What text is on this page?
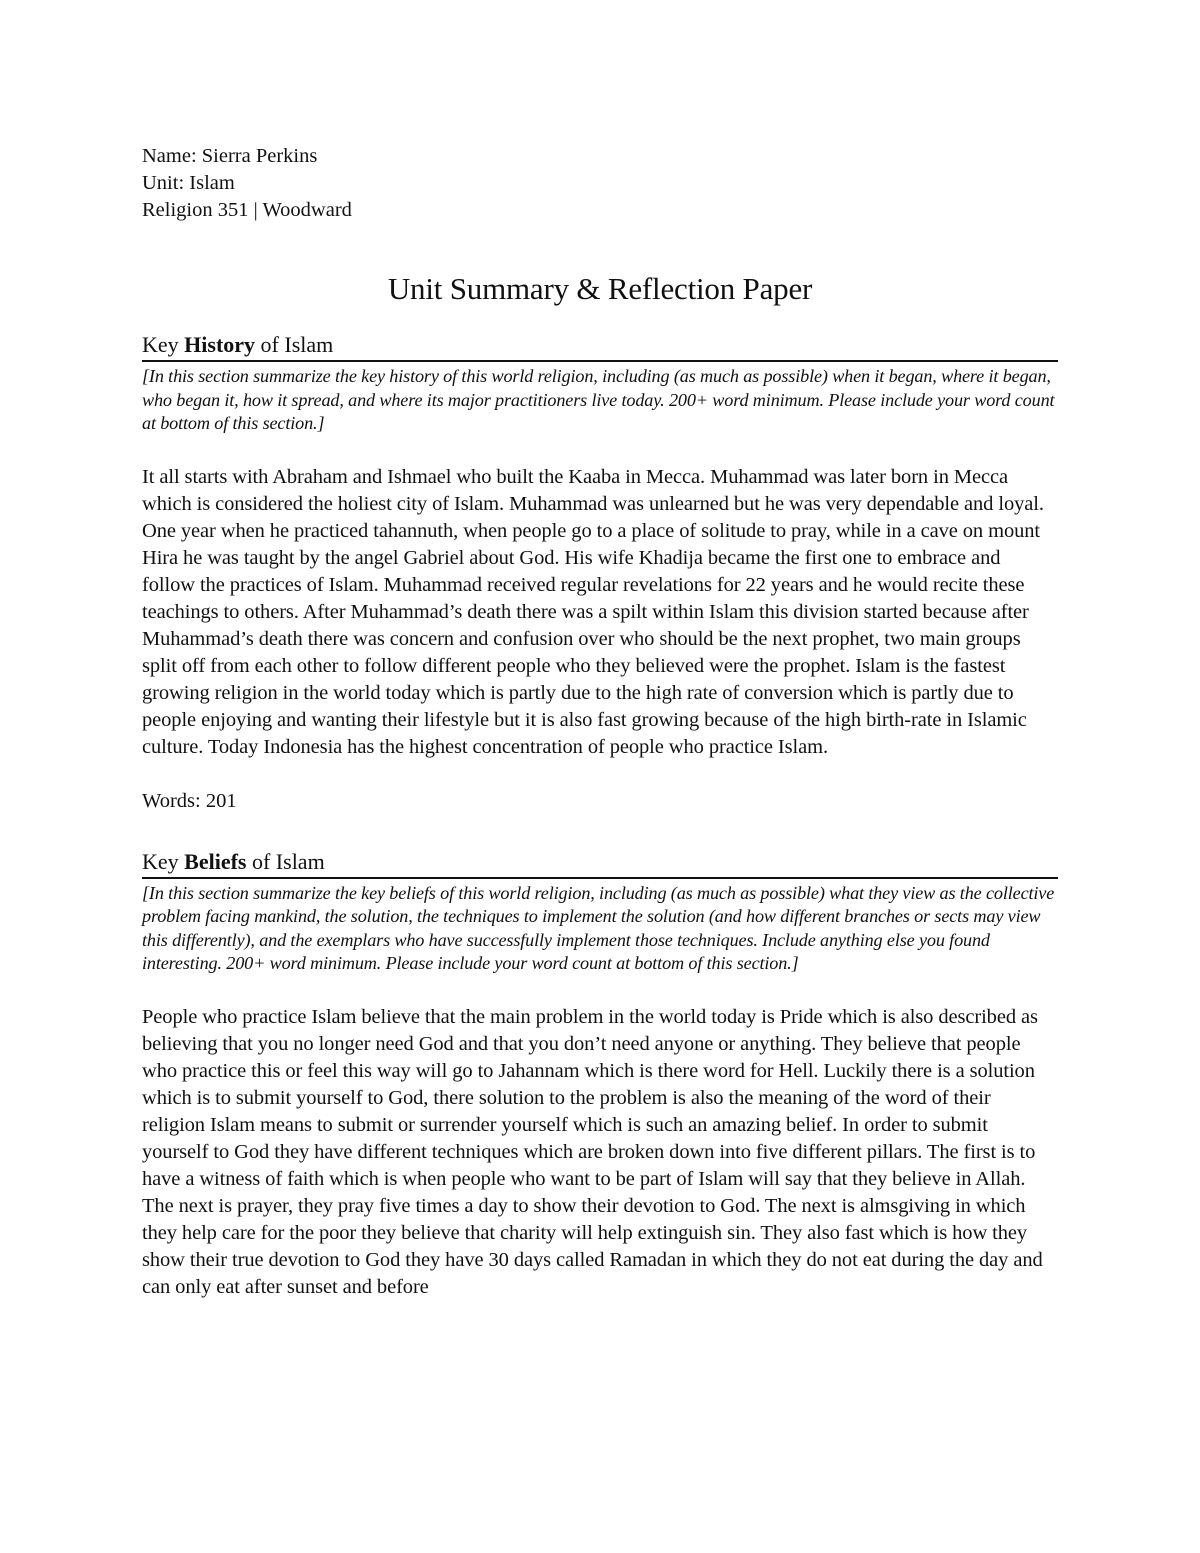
Name: Sierra Perkins
Unit: Islam
Religion 351 | Woodward
Unit Summary & Reflection Paper
Key History of Islam
[In this section summarize the key history of this world religion, including (as much as possible) when it began, where it began, who began it, how it spread, and where its major practitioners live today. 200+ word minimum. Please include your word count at bottom of this section.]
It all starts with Abraham and Ishmael who built the Kaaba in Mecca. Muhammad was later born in Mecca which is considered the holiest city of Islam. Muhammad was unlearned but he was very dependable and loyal. One year when he practiced tahannuth, when people go to a place of solitude to pray, while in a cave on mount Hira he was taught by the angel Gabriel about God. His wife Khadija became the first one to embrace and follow the practices of Islam. Muhammad received regular revelations for 22 years and he would recite these teachings to others. After Muhammad’s death there was a spilt within Islam this division started because after Muhammad’s death there was concern and confusion over who should be the next prophet, two main groups split off from each other to follow different people who they believed were the prophet. Islam is the fastest growing religion in the world today which is partly due to the high rate of conversion which is partly due to people enjoying and wanting their lifestyle but it is also fast growing because of the high birth-rate in Islamic culture. Today Indonesia has the highest concentration of people who practice Islam.
Words: 201
Key Beliefs of Islam
[In this section summarize the key beliefs of this world religion, including (as much as possible) what they view as the collective problem facing mankind, the solution, the techniques to implement the solution (and how different branches or sects may view this differently), and the exemplars who have successfully implement those techniques. Include anything else you found interesting. 200+ word minimum. Please include your word count at bottom of this section.]
People who practice Islam believe that the main problem in the world today is Pride which is also described as believing that you no longer need God and that you don’t need anyone or anything. They believe that people who practice this or feel this way will go to Jahannam which is there word for Hell. Luckily there is a solution which is to submit yourself to God, there solution to the problem is also the meaning of the word of their religion Islam means to submit or surrender yourself which is such an amazing belief. In order to submit yourself to God they have different techniques which are broken down into five different pillars. The first is to have a witness of faith which is when people who want to be part of Islam will say that they believe in Allah. The next is prayer, they pray five times a day to show their devotion to God. The next is almsgiving in which they help care for the poor they believe that charity will help extinguish sin. They also fast which is how they show their true devotion to God they have 30 days called Ramadan in which they do not eat during the day and can only eat after sunset and before
